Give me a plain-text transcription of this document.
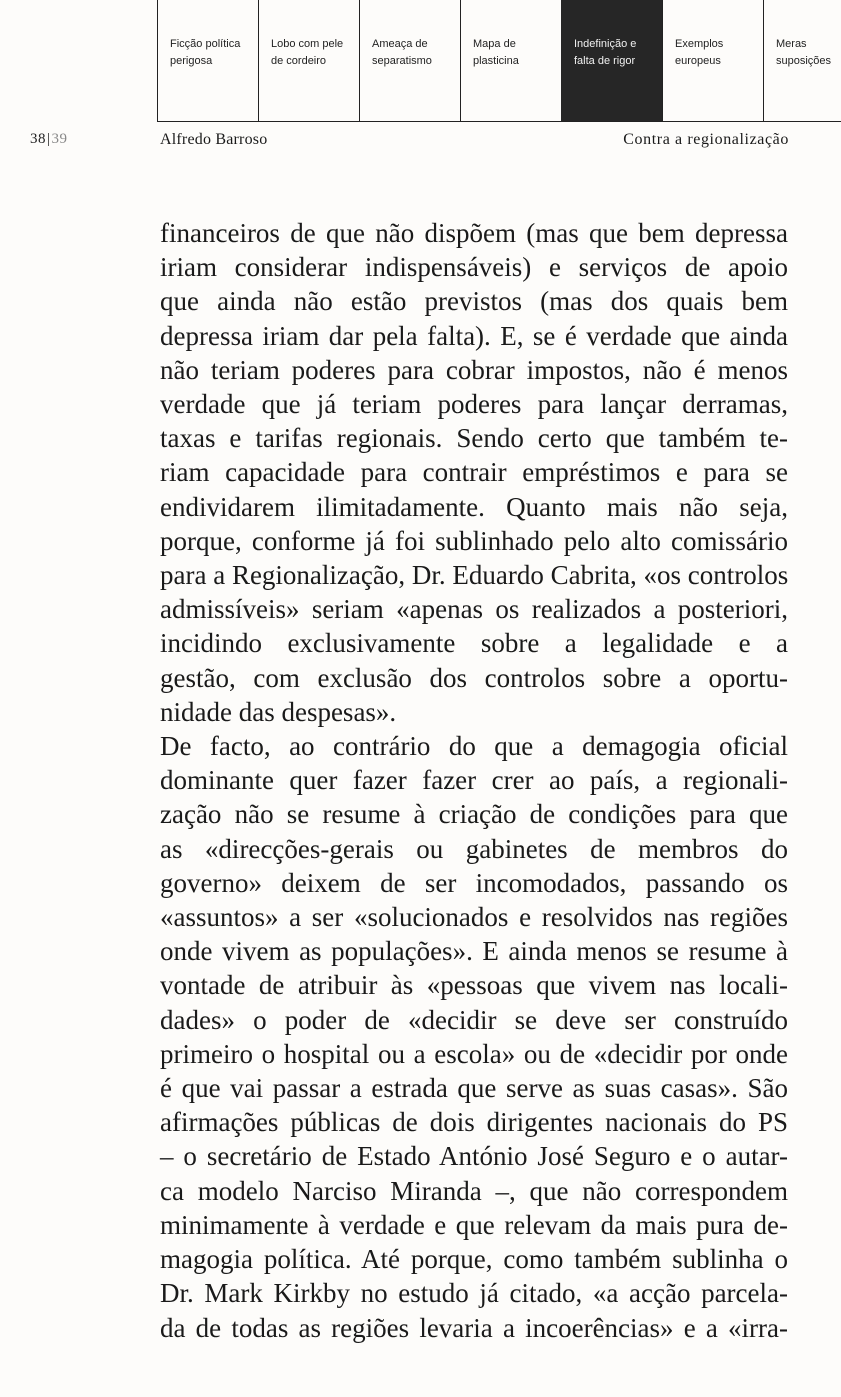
Ficção política
perigosa
Lobo com pele
de cordeiro
Ameaça de
separatismo
Mapa de
plasticina
Indefinição e
falta de rigor
Exemplos
europeus
Meras
suposições
38|39	Alfredo Barroso	Contra a regionalização
financeiros de que não dispõem (mas que bem depressa
iriam considerar indispensáveis) e serviços de apoio
que ainda não estão previstos (mas dos quais bem
depressa iriam dar pela falta). E, se é verdade que ainda
não teriam poderes para cobrar impostos, não é menos
verdade que já teriam poderes para lançar derramas,
taxas e tarifas regionais. Sendo certo que também te-
riam capacidade para contrair empréstimos e para se
endividarem ilimitadamente. Quanto mais não seja,
porque, conforme já foi sublinhado pelo alto comissário
para a Regionalização, Dr. Eduardo Cabrita, «os controlos
admissíveis» seriam «apenas os realizados a posteriori,
incidindo exclusivamente sobre a legalidade e a
gestão, com exclusão dos controlos sobre a oportu-
nidade das despesas».
De facto, ao contrário do que a demagogia oficial
dominante quer fazer fazer crer ao país, a regionali-
zação não se resume à criação de condições para que
as «direcções-gerais ou gabinetes de membros do
governo» deixem de ser incomodados, passando os
«assuntos» a ser «solucionados e resolvidos nas regiões
onde vivem as populações». E ainda menos se resume à
vontade de atribuir às «pessoas que vivem nas locali-
dades» o poder de «decidir se deve ser construído
primeiro o hospital ou a escola» ou de «decidir por onde
é que vai passar a estrada que serve as suas casas». São
afirmações públicas de dois dirigentes nacionais do PS
– o secretário de Estado António José Seguro e o autar-
ca modelo Narciso Miranda –, que não correspondem
minimamente à verdade e que relevam da mais pura de-
magogia política. Até porque, como também sublinha o
Dr. Mark Kirkby no estudo já citado, «a acção parcela-
da de todas as regiões levaria a incoerências» e a «irra-
